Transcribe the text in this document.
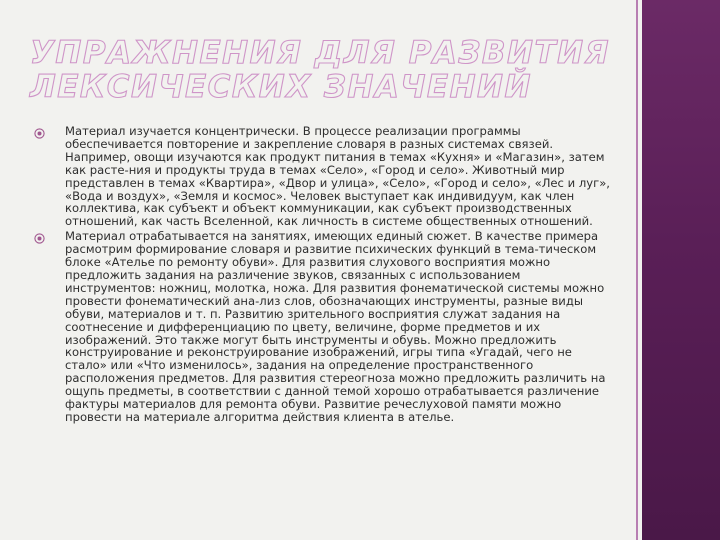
УПРАЖНЕНИЯ ДЛЯ РАЗВИТИЯ
ЛЕКСИЧЕСКИХ ЗНАЧЕНИЙ
Материал изучается концентрически. В процессе реализации программы обеспечивается повторение и закрепление словаря в разных системах связей. Например, овощи изучаются как продукт питания в темах «Кухня» и «Магазин», затем как расте-ния и продукты труда в темах «Село», «Город и село». Животный мир представлен в темах «Квартира», «Двор и улица», «Село», «Город и село», «Лес и луг», «Вода и воздух», «Земля и космос». Человек выступает как индивидуум, как член коллектива, как субъект и объект коммуникации, как субъект производственных отношений, как часть Вселенной, как личность в системе общественных отношений.
Материал отрабатывается на занятиях, имеющих единый сюжет. В качестве примера расмотрим формирование словаря и развитие психических функций в тема-тическом блоке «Ателье по ремонту обуви». Для развития слухового восприятия можно предложить задания на различение звуков, связанных с использованием инструментов: ножниц, молотка, ножа. Для развития фонематической системы можно провести фонематический ана-лиз слов, обозначающих инструменты, разные виды обуви, материалов и т. п. Развитию зрительного восприятия служат задания на соотнесение и дифференциацию по цвету, величине, форме предметов и их изображений. Это также могут быть инструменты и обувь. Можно предложить конструирование и реконструирование изображений, игры типа «Угадай, чего не стало» или «Что изменилось», задания на определение пространственного расположения предметов. Для развития стереогноза можно предложить различить на ощупь предметы, в соответствии с данной темой хорошо отрабатывается различение фактуры материалов для ремонта обуви. Развитие речеслуховой памяти можно провести на материале алгоритма действия клиента в ателье.
